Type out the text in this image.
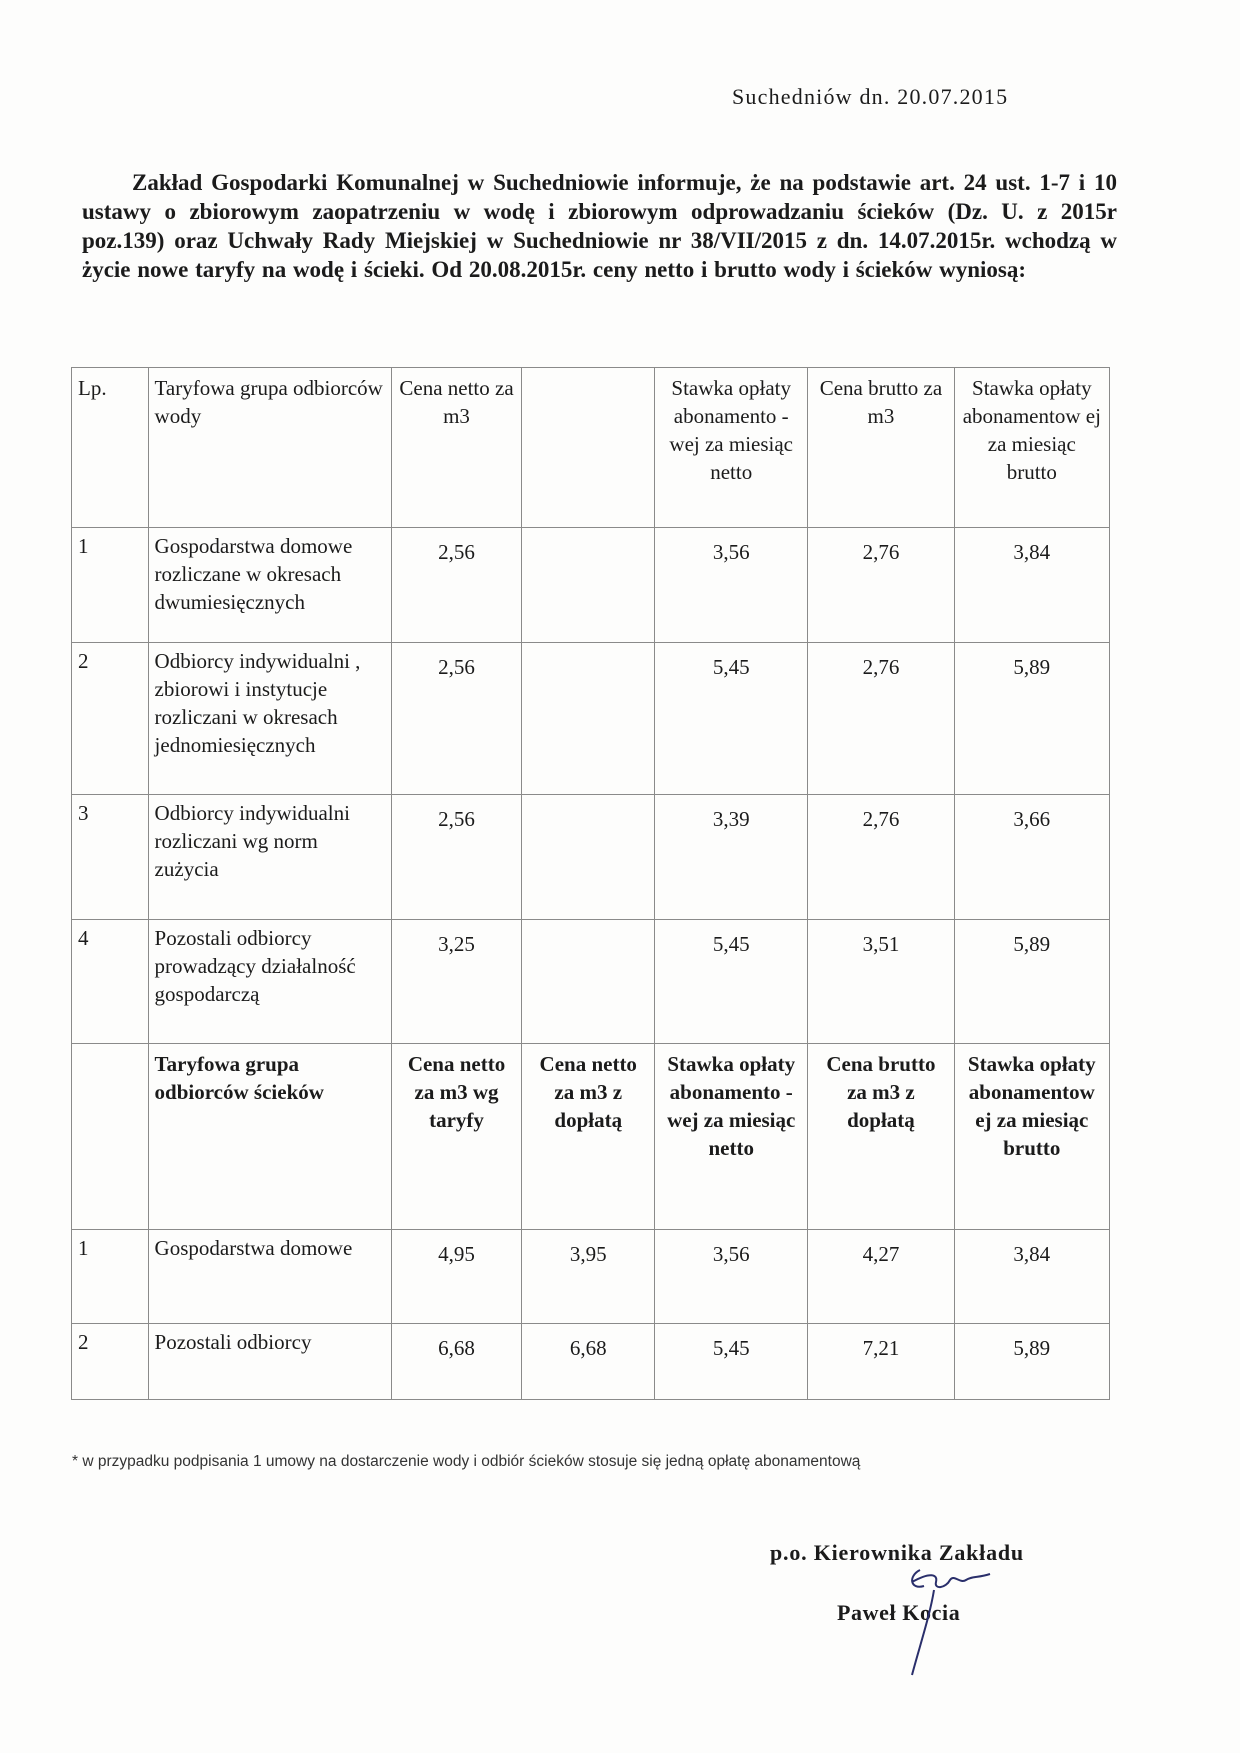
Suchedniów dn. 20.07.2015
Zakład Gospodarki Komunalnej w Suchedniowie informuje, że na podstawie art. 24 ust. 1-7 i 10 ustawy o zbiorowym zaopatrzeniu w wodę i zbiorowym odprowadzaniu ścieków (Dz. U. z 2015r poz.139) oraz Uchwały Rady Miejskiej w Suchedniowie nr 38/VII/2015 z dn. 14.07.2015r. wchodzą w życie nowe taryfy na wodę i ścieki. Od 20.08.2015r. ceny netto i brutto wody i ścieków wyniosą:
Lp.	Taryfowa grupa odbiorców wody	Cena netto za m3		Stawka opłaty abonamento -wej za miesiąc netto	Cena brutto za m3	Stawka opłaty abonamentow ej za miesiąc brutto
1	Gospodarstwa domowe rozliczane w okresach dwumiesięcznych	2,56		3,56	2,76	3,84
2	Odbiorcy indywidualni , zbiorowi i instytucje rozliczani w okresach jednomiesięcznych	2,56		5,45	2,76	5,89
3	Odbiorcy indywidualni rozliczani wg norm zużycia	2,56		3,39	2,76	3,66
4	Pozostali odbiorcy prowadzący działalność gospodarczą	3,25		5,45	3,51	5,89
	Taryfowa grupa odbiorców ścieków	Cena netto za m3 wg taryfy	Cena netto za m3 z dopłatą	Stawka opłaty abonamento -wej za miesiąc netto	Cena brutto za m3 z dopłatą	Stawka opłaty abonamentow ej za miesiąc brutto
1	Gospodarstwa domowe	4,95	3,95	3,56	4,27	3,84
2	Pozostali odbiorcy	6,68	6,68	5,45	7,21	5,89
* w przypadku podpisania 1 umowy na dostarczenie wody i odbiór ścieków stosuje się jedną opłatę abonamentową
p.o. Kierownika Zakładu
Paweł Kocia
